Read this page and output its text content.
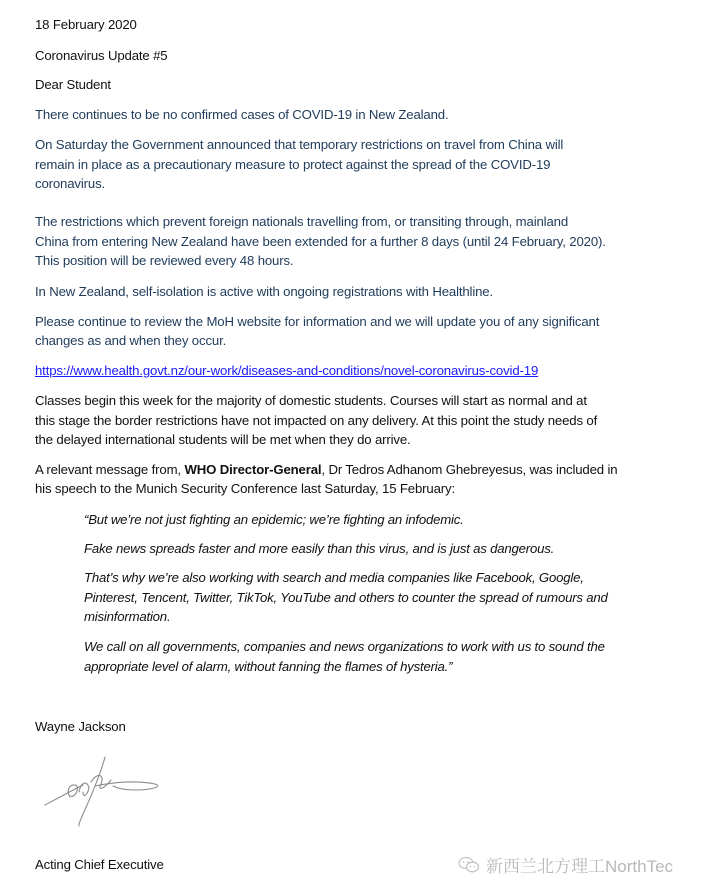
18 February 2020
Coronavirus Update #5
Dear Student
There continues to be no confirmed cases of COVID-19 in New Zealand.
On Saturday the Government announced that temporary restrictions on travel from China will
remain in place as a precautionary measure to protect against the spread of the COVID-19
coronavirus.
The restrictions which prevent foreign nationals travelling from, or transiting through, mainland
China from entering New Zealand have been extended for a further 8 days (until 24 February, 2020).
This position will be reviewed every 48 hours.
In New Zealand, self-isolation is active with ongoing registrations with Healthline.
Please continue to review the MoH website for information and we will update you of any significant
changes as and when they occur.
https://www.health.govt.nz/our-work/diseases-and-conditions/novel-coronavirus-covid-19
Classes begin this week for the majority of domestic students. Courses will start as normal and at
this stage the border restrictions have not impacted on any delivery. At this point the study needs of
the delayed international students will be met when they do arrive.
A relevant message from, WHO Director-General, Dr Tedros Adhanom Ghebreyesus, was included in
his speech to the Munich Security Conference last Saturday, 15 February:
“But we’re not just fighting an epidemic; we’re fighting an infodemic.
Fake news spreads faster and more easily than this virus, and is just as dangerous.
That’s why we’re also working with search and media companies like Facebook, Google,
Pinterest, Tencent, Twitter, TikTok, YouTube and others to counter the spread of rumours and
misinformation.
We call on all governments, companies and news organizations to work with us to sound the
appropriate level of alarm, without fanning the flames of hysteria.”
Wayne Jackson
Acting Chief Executive	新西兰北方理工NorthTec
